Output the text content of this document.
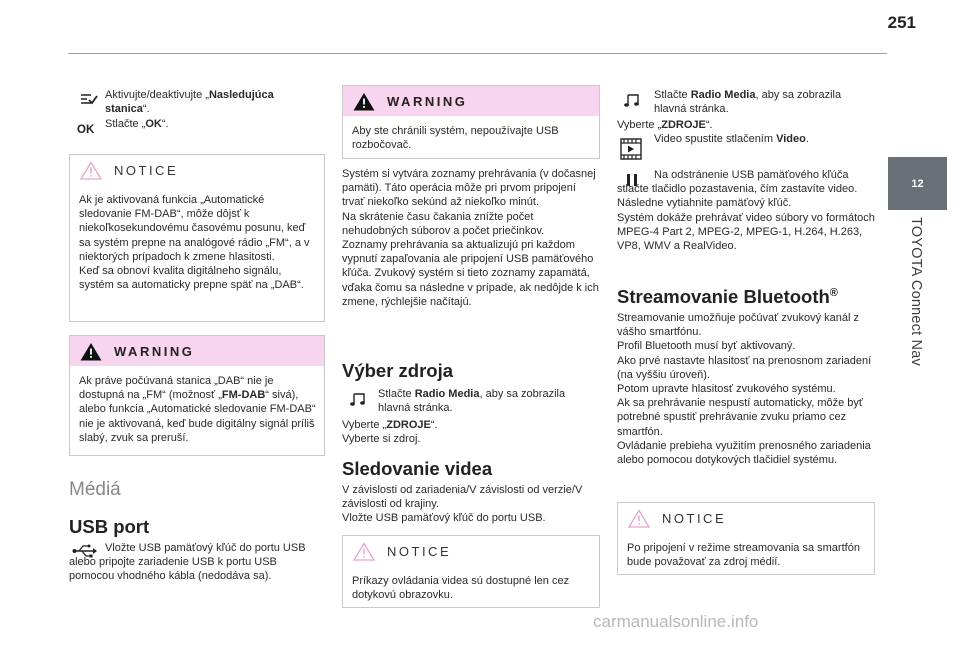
251
12
TOYOTA Connect Nav

Aktivujte/deaktivujte „Nasledujúca stanica“.

OK Stlačte „OK“.

NOTICE

Ak je aktivovaná funkcia „Automatické sledovanie FM-DAB“, môže dôjsť k niekoľkosekundovému časovému posunu, keď sa systém prepne na analógové rádio „FM“, a v niektorých prípadoch k zmene hlasitosti.
Keď sa obnoví kvalita digitálneho signálu, systém sa automaticky prepne späť na „DAB“.

WARNING

Ak práve počúvaná stanica „DAB“ nie je dostupná na „FM“ (možnosť „FM-DAB“ sivá), alebo funkcia „Automatické sledovanie FM-DAB“ nie je aktivovaná, keď bude digitálny signál príliš slabý, zvuk sa preruší.

Médiá
USB port

Vložte USB pamäťový kľúč do portu USB alebo pripojte zariadenie USB k portu USB pomocou vhodného kábla (nedodáva sa).

WARNING

Aby ste chránili systém, nepoužívajte USB rozbočovač.

Systém si vytvára zoznamy prehrávania (v dočasnej pamäti). Táto operácia môže pri prvom pripojení trvať niekoľko sekúnd až niekoľko minút.
Na skrátenie času čakania znížte počet nehudobných súborov a počet priečinkov.
Zoznamy prehrávania sa aktualizujú pri každom vypnutí zapaľovania ale pripojení USB pamäťového kľúča. Zvukový systém si tieto zoznamy zapamätá, vďaka čomu sa následne v prípade, ak nedôjde k ich zmene, rýchlejšie načítajú.

Výber zdroja

Stlačte Radio Media, aby sa zobrazila hlavná stránka.

Vyberte „ZDROJE“.

Vyberte si zdroj.

Sledovanie videa

V závislosti od zariadenia/V závislosti od verzie/V závislosti od krajiny.
Vložte USB pamäťový kľúč do portu USB.

NOTICE

Príkazy ovládania videa sú dostupné len cez dotykovú obrazovku.

Stlačte Radio Media, aby sa zobrazila hlavná stránka.

Vyberte „ZDROJE“.

Video spustite stlačením Video.

Na odstránenie USB pamäťového kľúča stlačte tlačidlo pozastavenia, čím zastavíte video. Následne vytiahnite pamäťový kľúč.
Systém dokáže prehrávať video súbory vo formátoch MPEG-4 Part 2, MPEG-2, MPEG-1, H.264, H.263, VP8, WMV a RealVideo.

Streamovanie Bluetooth®

Streamovanie umožňuje počúvať zvukový kanál z vášho smartfónu.
Profil Bluetooth musí byť aktivovaný.
Ako prvé nastavte hlasitosť na prenosnom zariadení (na vyššiu úroveň).
Potom upravte hlasitosť zvukového systému.
Ak sa prehrávanie nespustí automaticky, môže byť potrebné spustiť prehrávanie zvuku priamo cez smartfón.
Ovládanie prebieha využitím prenosného zariadenia alebo pomocou dotykových tlačidiel systému.

NOTICE

Po pripojení v režime streamovania sa smartfón bude považovať za zdroj médií.

carmanualsonline.info
